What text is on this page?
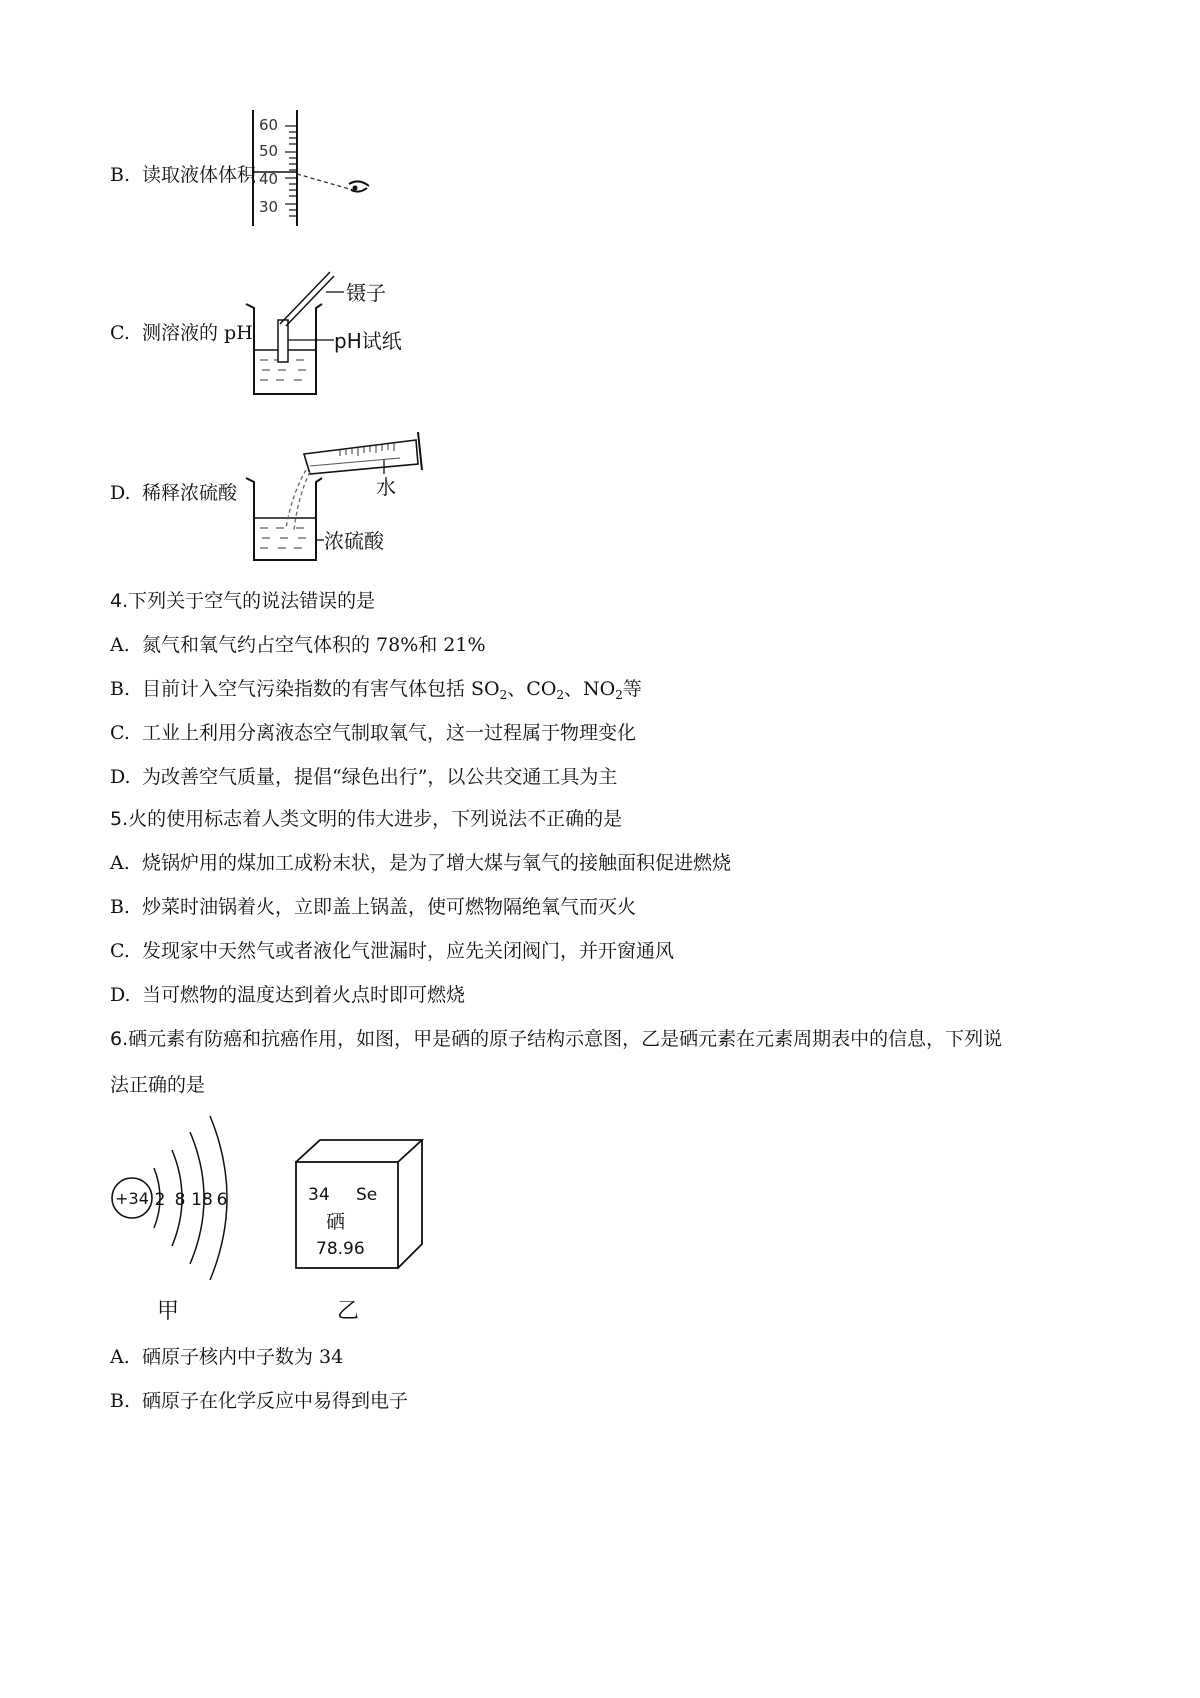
B. 读取液体体积
60
50
40
30
C. 测溶液的 pH
镊子
pH试纸
D. 稀释浓硫酸	水
浓硫酸
4.下列关于空气的说法错误的是
A. 氮气和氧气约占空气体积的 78%和 21%
B. 目前计入空气污染指数的有害气体包括 $SO_2$、$CO_2$、$NO_2$等
C. 工业上利用分离液态空气制取氧气，这一过程属于物理变化
D. 为改善空气质量，提倡“绿色出行”，以公共交通工具为主
5.火的使用标志着人类文明的伟大进步，下列说法不正确的是
A. 烧锅炉用的煤加工成粉末状，是为了增大煤与氧气的接触面积促进燃烧
B. 炒菜时油锅着火，立即盖上锅盖，使可燃物隔绝氧气而灭火
C. 发现家中天然气或者液化气泄漏时，应先关闭阀门，并开窗通风
D. 当可燃物的温度达到着火点时即可燃烧
6.硒元素有防癌和抗癌作用，如图，甲是硒的原子结构示意图，乙是硒元素在元素周期表中的信息，下列说
法正确的是
+34 2 8 18 6
甲
34 Se
硒
78.96
乙
A. 硒原子核内中子数为 34
B. 硒原子在化学反应中易得到电子
